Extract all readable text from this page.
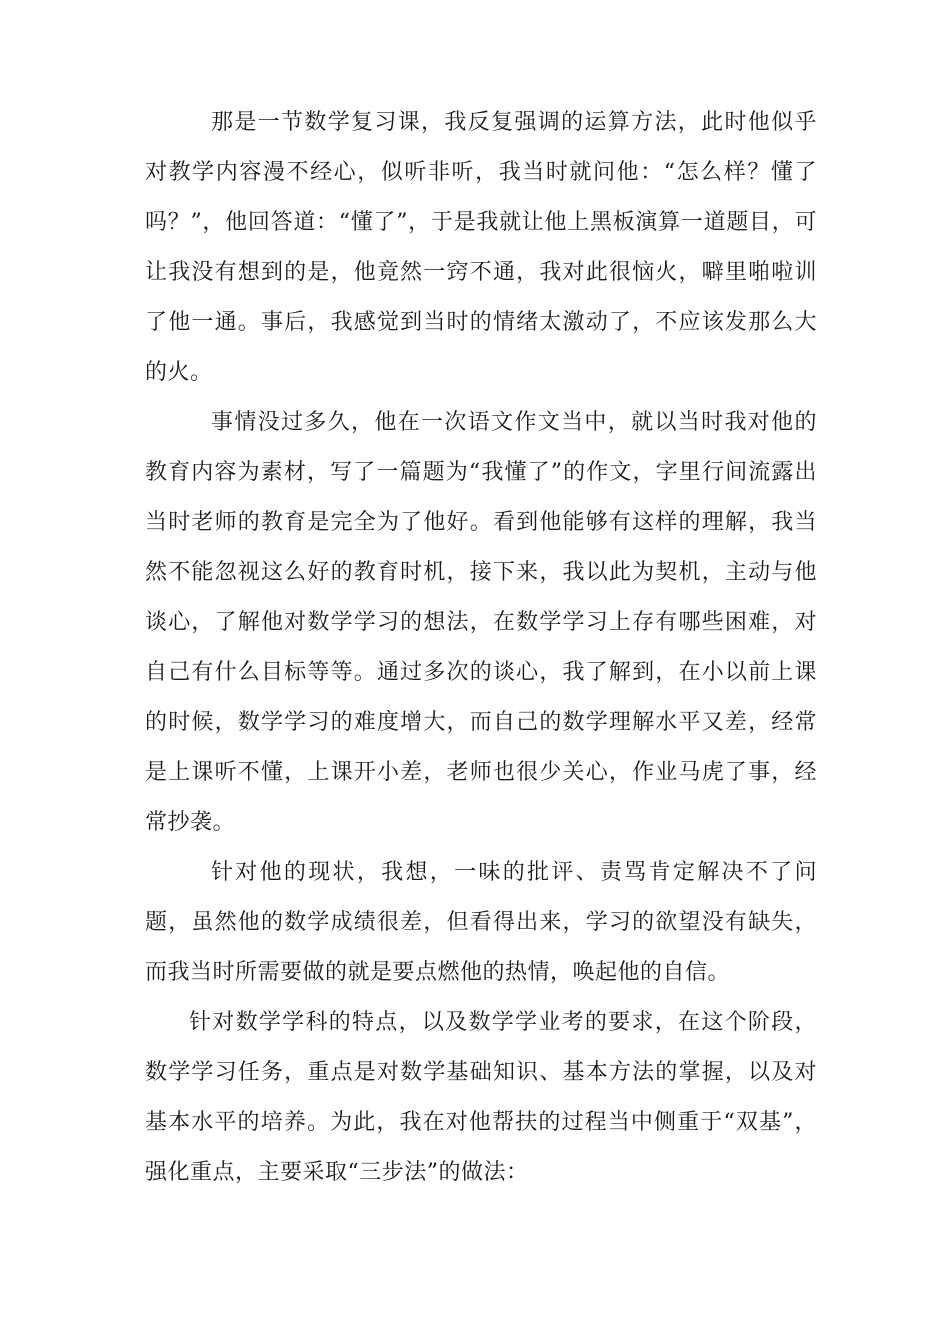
那是一节数学复习课，我反复强调的运算方法，此时他似乎对教学内容漫不经心，似听非听，我当时就问他：“怎么样？懂了吗？”，他回答道：“懂了”，于是我就让他上黑板演算一道题目，可让我没有想到的是，他竟然一窍不通，我对此很恼火，噼里啪啦训了他一通。事后，我感觉到当时的情绪太激动了，不应该发那么大的火。

事情没过多久，他在一次语文作文当中，就以当时我对他的教育内容为素材，写了一篇题为“我懂了”的作文，字里行间流露出当时老师的教育是完全为了他好。看到他能够有这样的理解，我当然不能忽视这么好的教育时机，接下来，我以此为契机，主动与他谈心，了解他对数学学习的想法，在数学学习上存有哪些困难，对自己有什么目标等等。通过多次的谈心，我了解到，在小以前上课的时候，数学学习的难度增大，而自己的数学理解水平又差，经常是上课听不懂，上课开小差，老师也很少关心，作业马虎了事，经常抄袭。

针对他的现状，我想，一味的批评、责骂肯定解决不了问题，虽然他的数学成绩很差，但看得出来，学习的欲望没有缺失，而我当时所需要做的就是要点燃他的热情，唤起他的自信。

针对数学学科的特点，以及数学学业考的要求，在这个阶段，数学学习任务，重点是对数学基础知识、基本方法的掌握，以及对基本水平的培养。为此，我在对他帮扶的过程当中侧重于“双基”，强化重点，主要采取“三步法”的做法：
